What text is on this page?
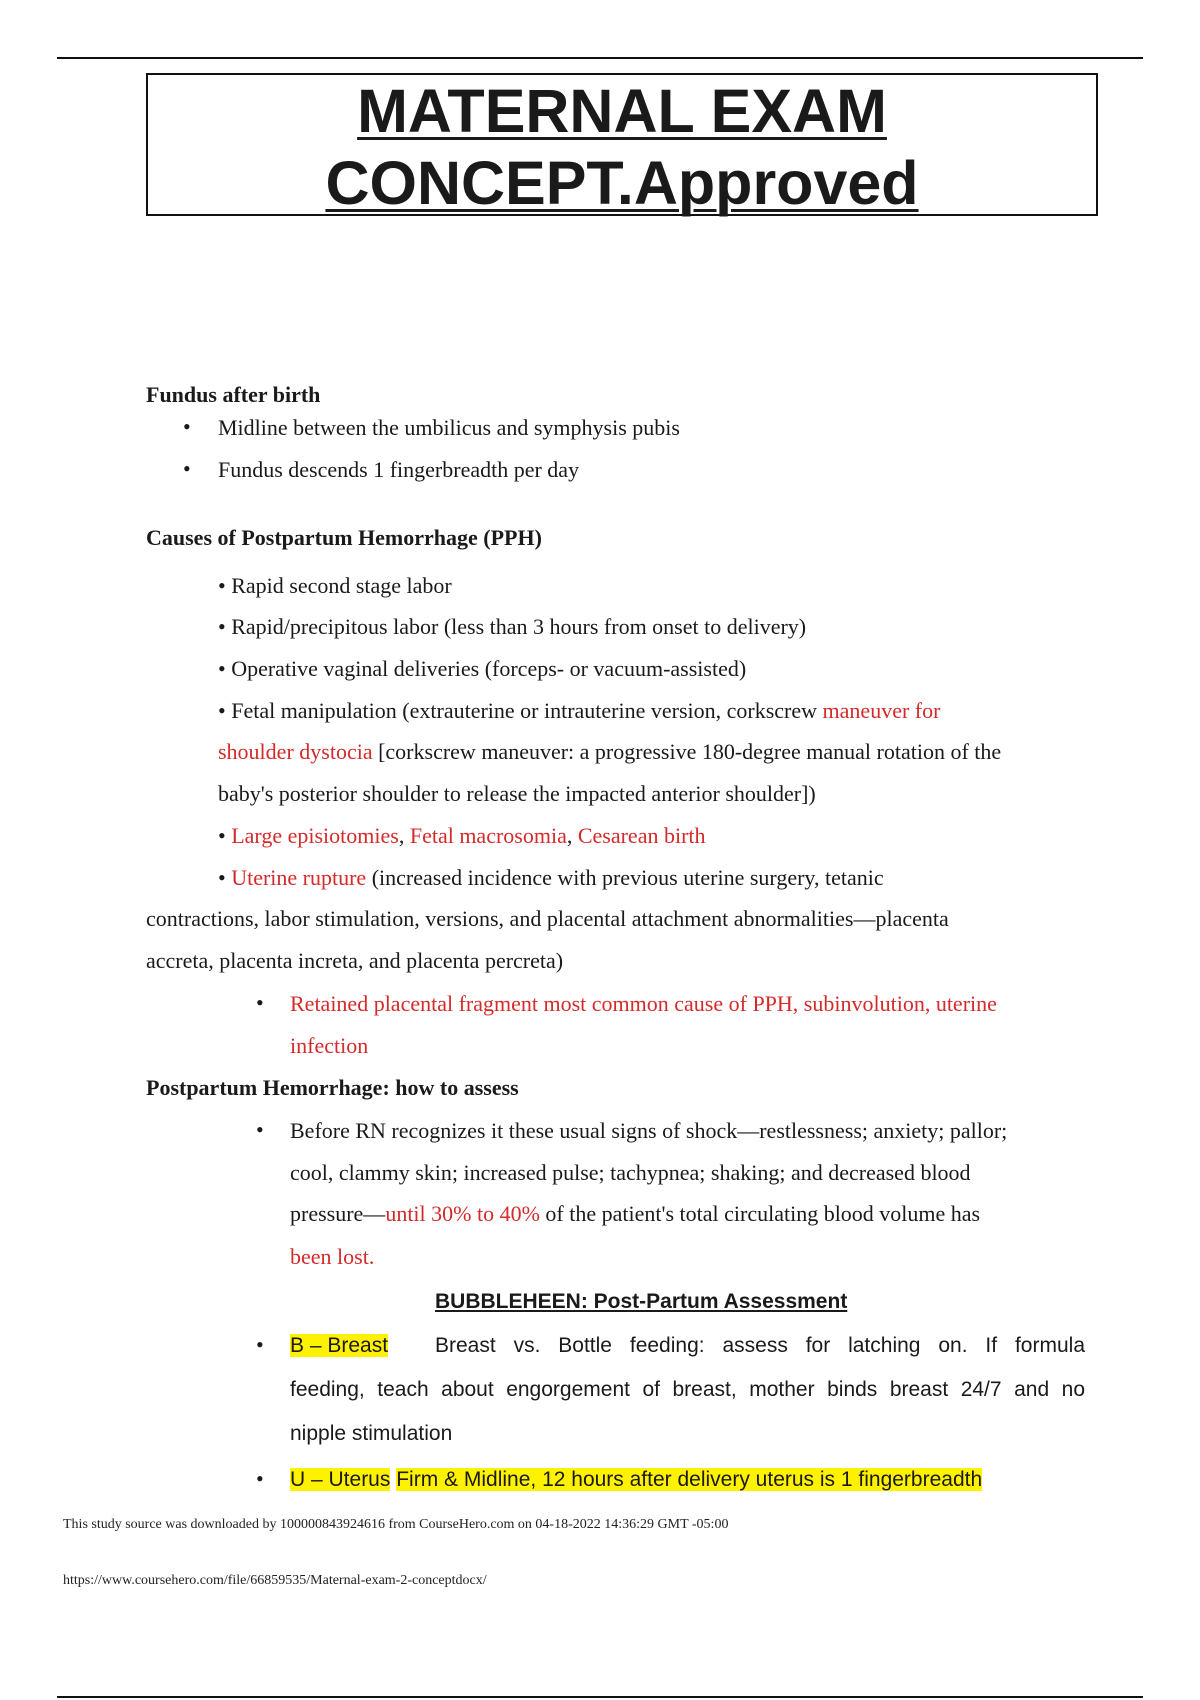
MATERNAL EXAM
CONCEPT.Approved
Fundus after birth
• Midline between the umbilicus and symphysis pubis
• Fundus descends 1 fingerbreadth per day
Causes of Postpartum Hemorrhage (PPH)
• Rapid second stage labor
• Rapid/precipitous labor (less than 3 hours from onset to delivery)
• Operative vaginal deliveries (forceps- or vacuum-assisted)
• Fetal manipulation (extrauterine or intrauterine version, corkscrew maneuver for
shoulder dystocia [corkscrew maneuver: a progressive 180-degree manual rotation of the
baby's posterior shoulder to release the impacted anterior shoulder])
• Large episiotomies, Fetal macrosomia, Cesarean birth
• Uterine rupture (increased incidence with previous uterine surgery, tetanic
contractions, labor stimulation, versions, and placental attachment abnormalities—placenta
accreta, placenta increta, and placenta percreta)
• Retained placental fragment most common cause of PPH, subinvolution, uterine
infection
Postpartum Hemorrhage: how to assess
• Before RN recognizes it these usual signs of shock—restlessness; anxiety; pallor;
cool, clammy skin; increased pulse; tachypnea; shaking; and decreased blood
pressure—until 30% to 40% of the patient's total circulating blood volume has
been lost.
BUBBLEHEEN: Post-Partum Assessment
• B – Breast Breast vs. Bottle feeding: assess for latching on. If formula
feeding, teach about engorgement of breast, mother binds breast 24/7 and no
nipple stimulation
• U – Uterus Firm & Midline, 12 hours after delivery uterus is 1 fingerbreadth
This study source was downloaded by 100000843924616 from CourseHero.com on 04-18-2022 14:36:29 GMT -05:00
https://www.coursehero.com/file/66859535/Maternal-exam-2-conceptdocx/
